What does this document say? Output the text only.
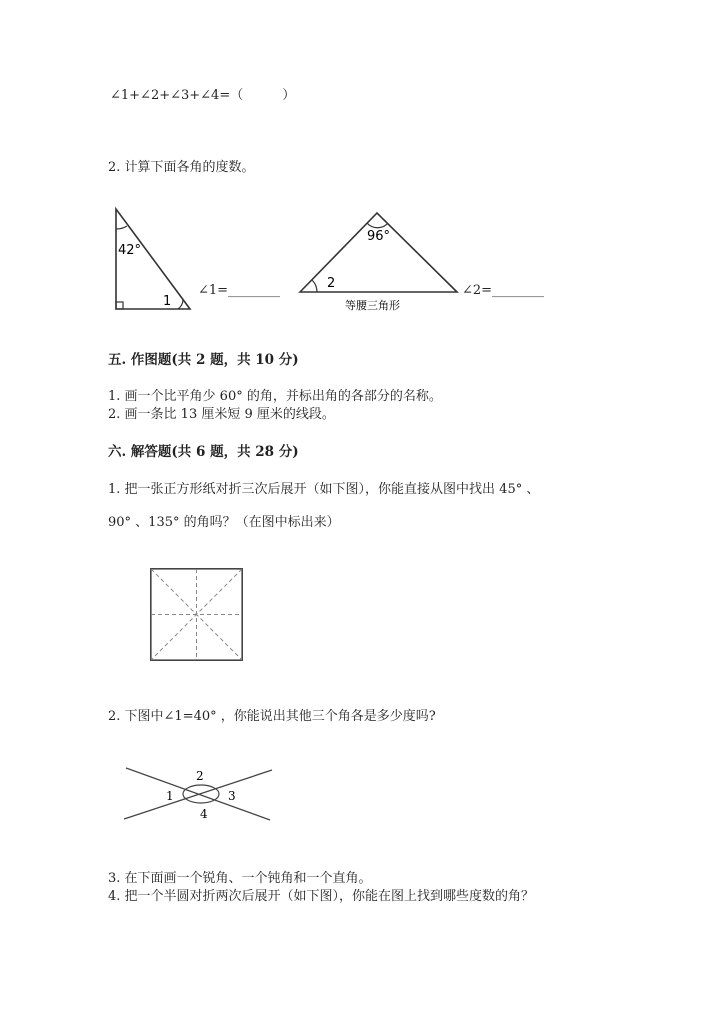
∠1+∠2+∠3+∠4=（　　　）
2. 计算下面各角的度数。
42°
1
∠1=________
96°
2
等腰三角形
∠2=________
五. 作图题(共 2 题，共 10 分)
1. 画一个比平角少 60° 的角，并标出角的各部分的名称。
2. 画一条比 13 厘米短 9 厘米的线段。
六. 解答题(共 6 题，共 28 分)
1. 把一张正方形纸对折三次后展开（如下图），你能直接从图中找出 45° 、
90° 、135° 的角吗？（在图中标出来）
2. 下图中∠1=40° ，你能说出其他三个角各是多少度吗?
2
1	3
4
3. 在下面画一个锐角、一个钝角和一个直角。
4. 把一个半圆对折两次后展开（如下图），你能在图上找到哪些度数的角？
